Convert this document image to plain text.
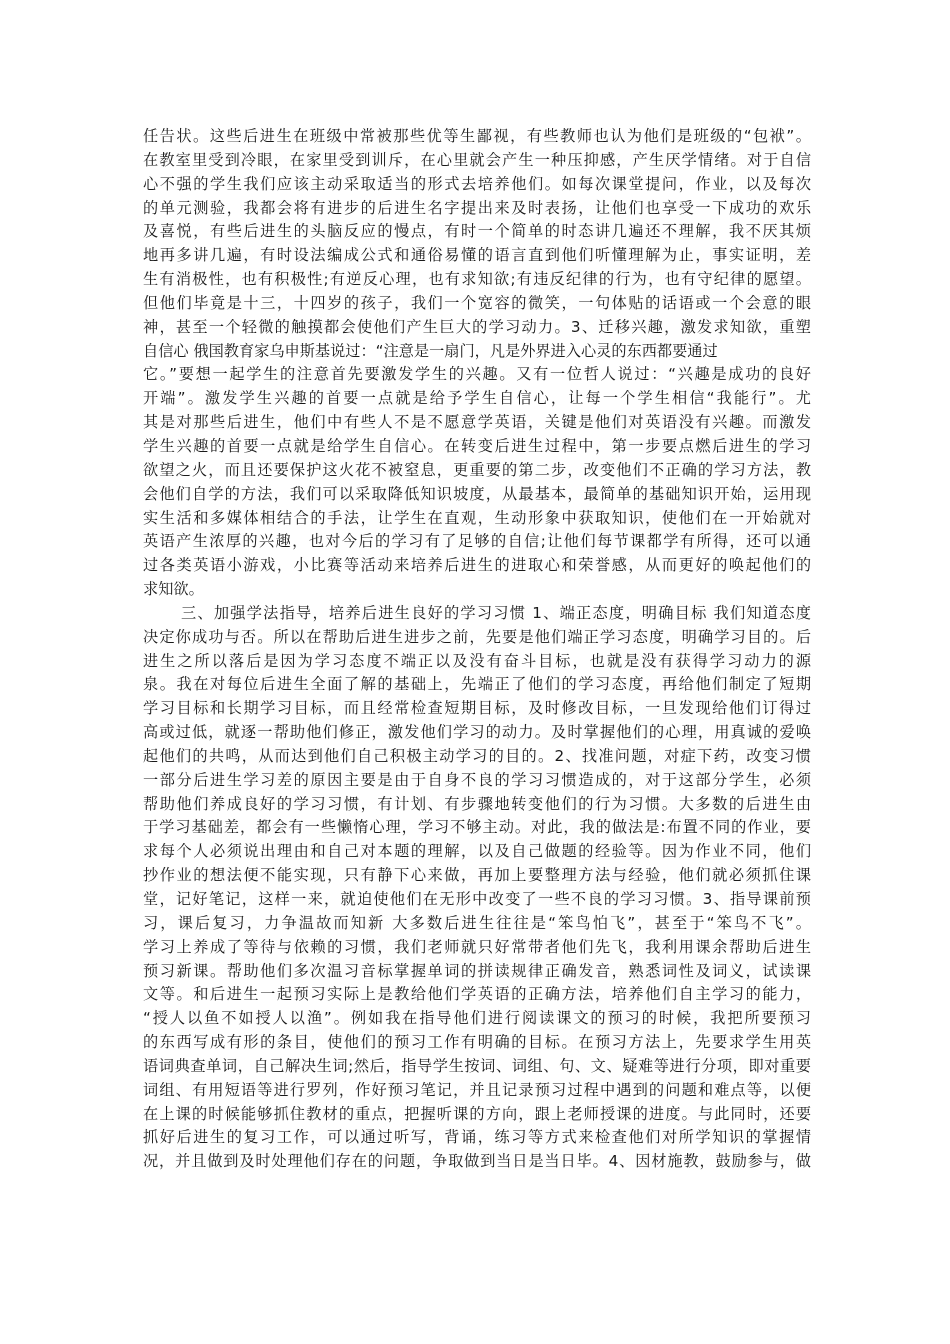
任告状。这些后进生在班级中常被那些优等生鄙视，有些教师也认为他们是班级的“包袱”。
在教室里受到冷眼，在家里受到训斥，在心里就会产生一种压抑感，产生厌学情绪。对于自信
心不强的学生我们应该主动采取适当的形式去培养他们。如每次课堂提问，作业，以及每次
的单元测验，我都会将有进步的后进生名字提出来及时表扬，让他们也享受一下成功的欢乐
及喜悦，有些后进生的头脑反应的慢点，有时一个简单的时态讲几遍还不理解，我不厌其烦
地再多讲几遍，有时设法编成公式和通俗易懂的语言直到他们听懂理解为止，事实证明，差
生有消极性，也有积极性;有逆反心理，也有求知欲;有违反纪律的行为，也有守纪律的愿望。
但他们毕竟是十三，十四岁的孩子，我们一个宽容的微笑，一句体贴的话语或一个会意的眼
神，甚至一个轻微的触摸都会使他们产生巨大的学习动力。3、迁移兴趣，激发求知欲，重塑
自信心 俄国教育家乌申斯基说过：“注意是一扇门，凡是外界进入心灵的东西都要通过
它。”要想一起学生的注意首先要激发学生的兴趣。又有一位哲人说过：“兴趣是成功的良好
开端”。激发学生兴趣的首要一点就是给予学生自信心，让每一个学生相信“我能行”。尤
其是对那些后进生，他们中有些人不是不愿意学英语，关键是他们对英语没有兴趣。而激发
学生兴趣的首要一点就是给学生自信心。在转变后进生过程中，第一步要点燃后进生的学习
欲望之火，而且还要保护这火花不被窒息，更重要的第二步，改变他们不正确的学习方法，教
会他们自学的方法，我们可以采取降低知识坡度，从最基本，最简单的基础知识开始，运用现
实生活和多媒体相结合的手法，让学生在直观，生动形象中获取知识，使他们在一开始就对
英语产生浓厚的兴趣，也对今后的学习有了足够的自信;让他们每节课都学有所得，还可以通
过各类英语小游戏，小比赛等活动来培养后进生的进取心和荣誉感，从而更好的唤起他们的
求知欲。
三、加强学法指导，培养后进生良好的学习习惯 1、端正态度，明确目标 我们知道态度
决定你成功与否。所以在帮助后进生进步之前，先要是他们端正学习态度，明确学习目的。后
进生之所以落后是因为学习态度不端正以及没有奋斗目标，也就是没有获得学习动力的源
泉。我在对每位后进生全面了解的基础上，先端正了他们的学习态度，再给他们制定了短期
学习目标和长期学习目标，而且经常检查短期目标，及时修改目标，一旦发现给他们订得过
高或过低，就逐一帮助他们修正，激发他们学习的动力。及时掌握他们的心理，用真诚的爱唤
起他们的共鸣，从而达到他们自己积极主动学习的目的。2、找准问题，对症下药，改变习惯
一部分后进生学习差的原因主要是由于自身不良的学习习惯造成的，对于这部分学生，必须
帮助他们养成良好的学习习惯，有计划、有步骤地转变他们的行为习惯。大多数的后进生由
于学习基础差，都会有一些懒惰心理，学习不够主动。对此，我的做法是:布置不同的作业，要
求每个人必须说出理由和自己对本题的理解，以及自己做题的经验等。因为作业不同，他们
抄作业的想法便不能实现，只有静下心来做，再加上要整理方法与经验，他们就必须抓住课
堂，记好笔记，这样一来，就迫使他们在无形中改变了一些不良的学习习惯。3、指导课前预
习，课后复习，力争温故而知新 大多数后进生往往是“笨鸟怕飞”，甚至于“笨鸟不飞”。
学习上养成了等待与依赖的习惯，我们老师就只好常带者他们先飞，我利用课余帮助后进生
预习新课。帮助他们多次温习音标掌握单词的拼读规律正确发音，熟悉词性及词义，试读课
文等。和后进生一起预习实际上是教给他们学英语的正确方法，培养他们自主学习的能力，
“授人以鱼不如授人以渔”。例如我在指导他们进行阅读课文的预习的时候，我把所要预习
的东西写成有形的条目，使他们的预习工作有明确的目标。在预习方法上，先要求学生用英
语词典查单词，自己解决生词;然后，指导学生按词、词组、句、文、疑难等进行分项，即对重要
词组、有用短语等进行罗列，作好预习笔记，并且记录预习过程中遇到的问题和难点等，以便
在上课的时候能够抓住教材的重点，把握听课的方向，跟上老师授课的进度。与此同时，还要
抓好后进生的复习工作，可以通过听写，背诵，练习等方式来检查他们对所学知识的掌握情
况，并且做到及时处理他们存在的问题，争取做到当日是当日毕。4、因材施教，鼓励参与，做
